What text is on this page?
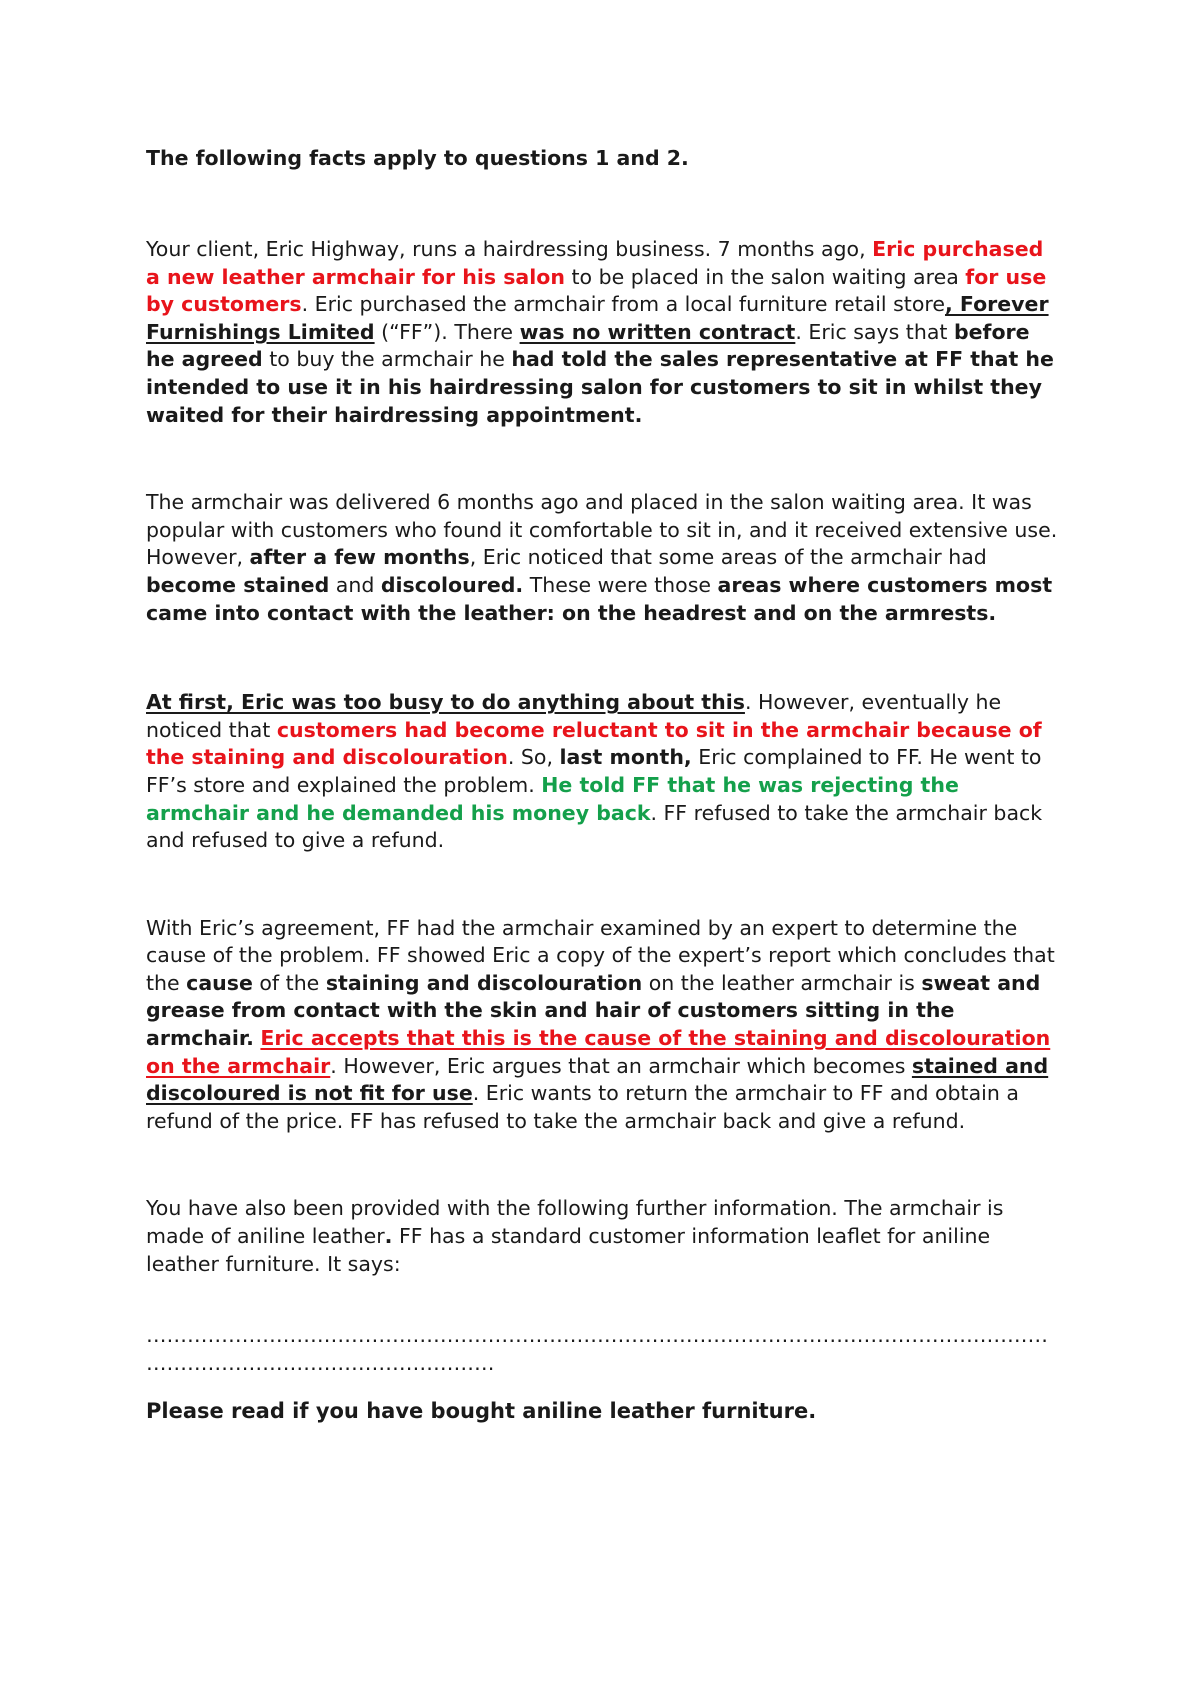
The following facts apply to questions 1 and 2.

Your client, Eric Highway, runs a hairdressing business. 7 months ago, Eric purchased a new leather armchair for his salon to be placed in the salon waiting area for use by customers. Eric purchased the armchair from a local furniture retail store, Forever Furnishings Limited (“FF”). There was no written contract. Eric says that before he agreed to buy the armchair he had told the sales representative at FF that he intended to use it in his hairdressing salon for customers to sit in whilst they waited for their hairdressing appointment.

The armchair was delivered 6 months ago and placed in the salon waiting area. It was popular with customers who found it comfortable to sit in, and it received extensive use. However, after a few months, Eric noticed that some areas of the armchair had become stained and discoloured. These were those areas where customers most came into contact with the leather: on the headrest and on the armrests.

At first, Eric was too busy to do anything about this. However, eventually he noticed that customers had become reluctant to sit in the armchair because of the staining and discolouration. So, last month, Eric complained to FF. He went to FF’s store and explained the problem. He told FF that he was rejecting the armchair and he demanded his money back. FF refused to take the armchair back and refused to give a refund.

With Eric’s agreement, FF had the armchair examined by an expert to determine the cause of the problem. FF showed Eric a copy of the expert’s report which concludes that the cause of the staining and discolouration on the leather armchair is sweat and grease from contact with the skin and hair of customers sitting in the armchair. Eric accepts that this is the cause of the staining and discolouration on the armchair. However, Eric argues that an armchair which becomes stained and discoloured is not fit for use. Eric wants to return the armchair to FF and obtain a refund of the price. FF has refused to take the armchair back and give a refund.

You have also been provided with the following further information. The armchair is made of aniline leather. FF has a standard customer information leaflet for aniline leather furniture. It says:

……………………………………………………………………………………………………………………
……………………………………………

Please read if you have bought aniline leather furniture.
